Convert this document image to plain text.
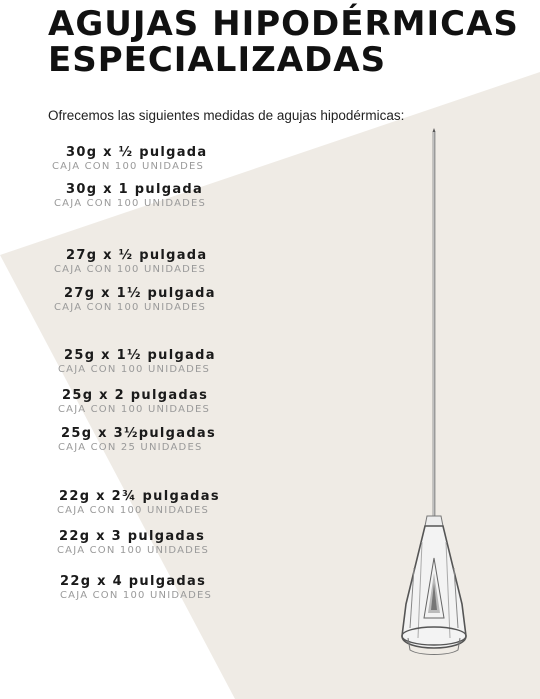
AGUJAS HIPODÉRMICAS
ESPECIALIZADAS

Ofrecemos las siguientes medidas de agujas hipodérmicas:

30g x ½ pulgada
CAJA CON 100 UNIDADES
30g x 1 pulgada
CAJA CON 100 UNIDADES
27g x ½ pulgada
CAJA CON 100 UNIDADES
27g x 1½ pulgada
CAJA CON 100 UNIDADES
25g x 1½ pulgada
CAJA CON 100 UNIDADES
25g x 2 pulgadas
CAJA CON 100 UNIDADES
25g x 3½pulgadas
CAJA CON 25 UNIDADES
22g x 2¾ pulgadas
CAJA CON 100 UNIDADES
22g x 3 pulgadas
CAJA CON 100 UNIDADES
22g x 4 pulgadas
CAJA CON 100 UNIDADES
